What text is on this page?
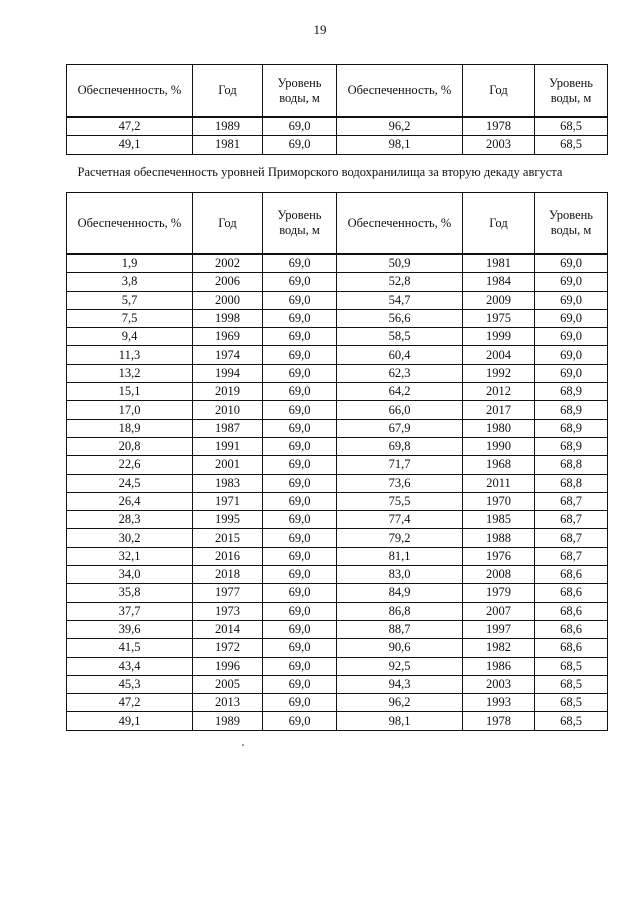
19
Обеспеченность, %	Год	Уровень воды, м	Обеспеченность, %	Год	Уровень воды, м
47,2	1989	69,0	96,2	1978	68,5
49,1	1981	69,0	98,1	2003	68,5
Расчетная обеспеченность уровней Приморского водохранилища за вторую декаду августа
Обеспеченность, %	Год	Уровень воды, м	Обеспеченность, %	Год	Уровень воды, м
1,9	2002	69,0	50,9	1981	69,0
3,8	2006	69,0	52,8	1984	69,0
5,7	2000	69,0	54,7	2009	69,0
7,5	1998	69,0	56,6	1975	69,0
9,4	1969	69,0	58,5	1999	69,0
11,3	1974	69,0	60,4	2004	69,0
13,2	1994	69,0	62,3	1992	69,0
15,1	2019	69,0	64,2	2012	68,9
17,0	2010	69,0	66,0	2017	68,9
18,9	1987	69,0	67,9	1980	68,9
20,8	1991	69,0	69,8	1990	68,9
22,6	2001	69,0	71,7	1968	68,8
24,5	1983	69,0	73,6	2011	68,8
26,4	1971	69,0	75,5	1970	68,7
28,3	1995	69,0	77,4	1985	68,7
30,2	2015	69,0	79,2	1988	68,7
32,1	2016	69,0	81,1	1976	68,7
34,0	2018	69,0	83,0	2008	68,6
35,8	1977	69,0	84,9	1979	68,6
37,7	1973	69,0	86,8	2007	68,6
39,6	2014	69,0	88,7	1997	68,6
41,5	1972	69,0	90,6	1982	68,6
43,4	1996	69,0	92,5	1986	68,5
45,3	2005	69,0	94,3	2003	68,5
47,2	2013	69,0	96,2	1993	68,5
49,1	1989	69,0	98,1	1978	68,5
